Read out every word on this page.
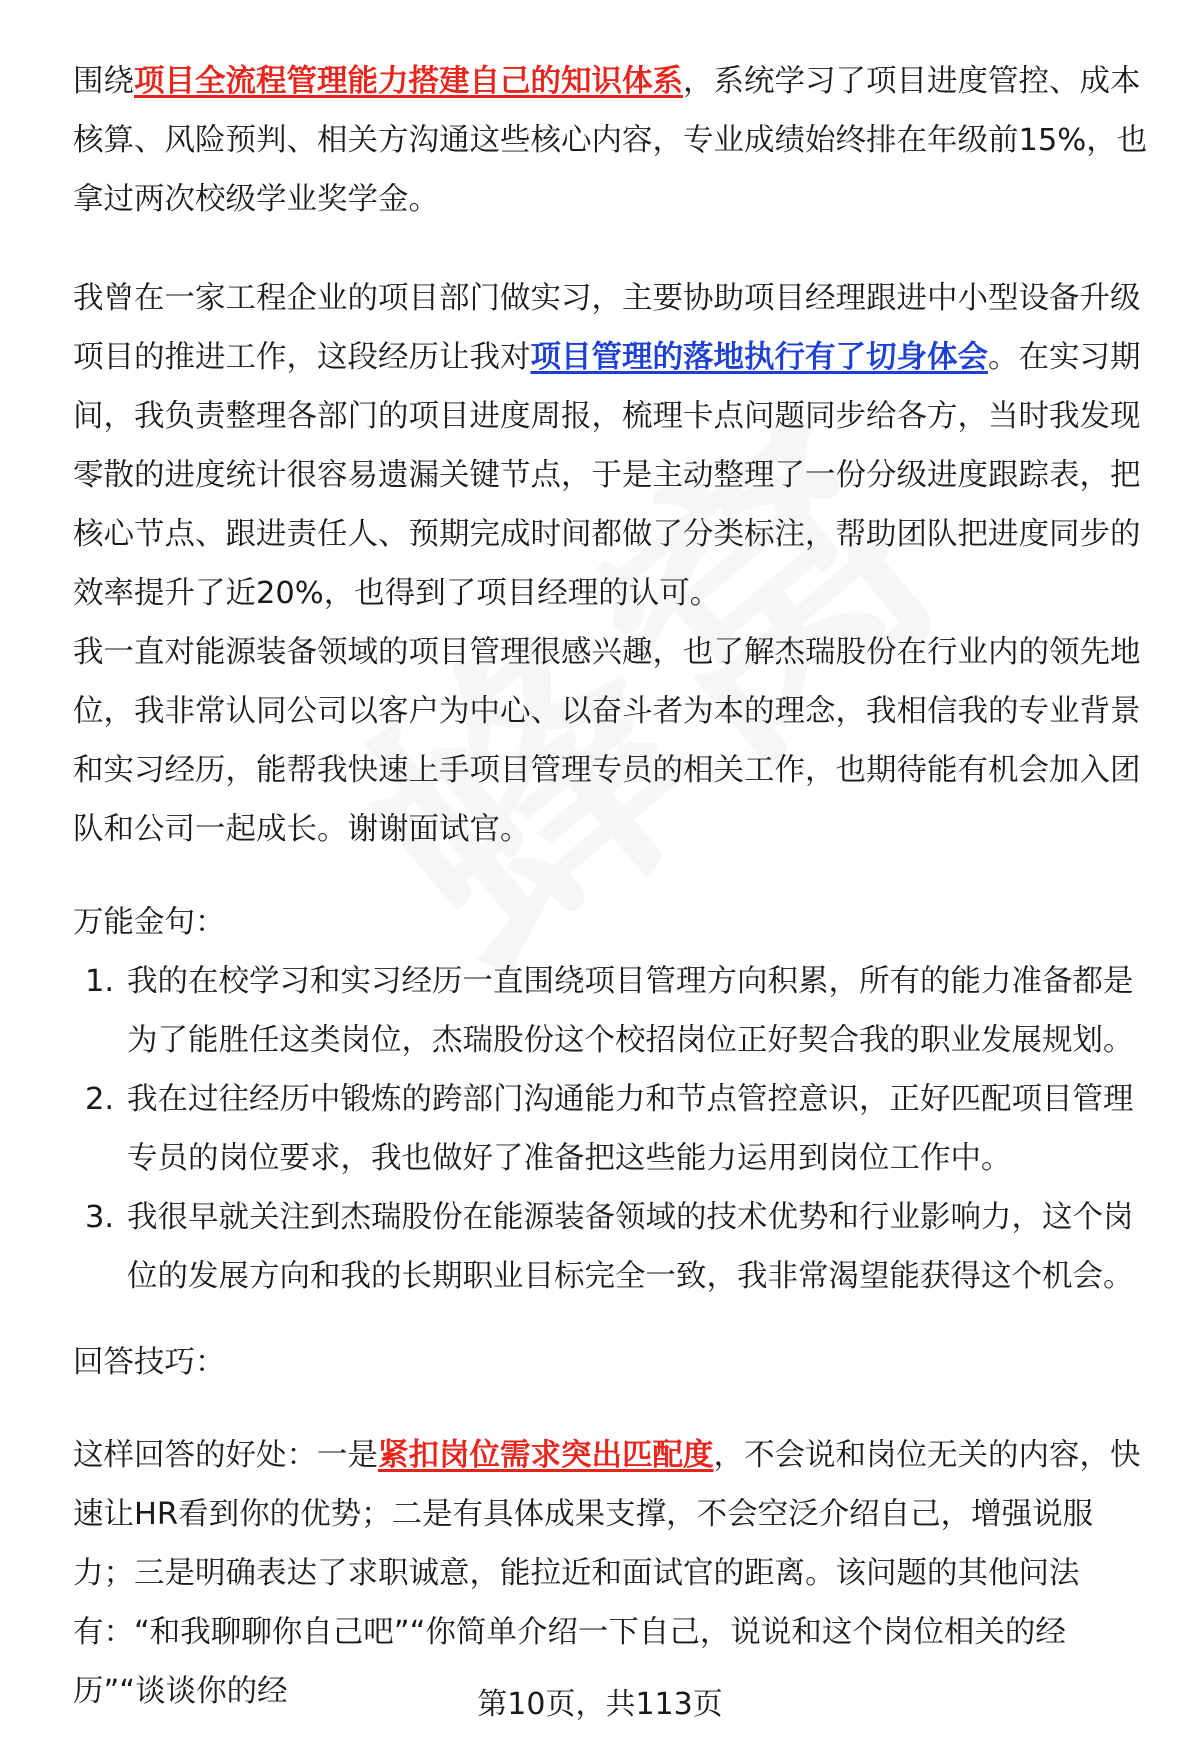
围绕项目全流程管理能力搭建自己的知识体系，系统学习了项目进度管控、成本核算、风险预判、相关方沟通这些核心内容，专业成绩始终排在年级前15%，也拿过两次校级学业奖学金。

我曾在一家工程企业的项目部门做实习，主要协助项目经理跟进中小型设备升级项目的推进工作，这段经历让我对项目管理的落地执行有了切身体会。在实习期间，我负责整理各部门的项目进度周报，梳理卡点问题同步给各方，当时我发现零散的进度统计很容易遗漏关键节点，于是主动整理了一份分级进度跟踪表，把核心节点、跟进责任人、预期完成时间都做了分类标注，帮助团队把进度同步的效率提升了近20%，也得到了项目经理的认可。

我一直对能源装备领域的项目管理很感兴趣，也了解杰瑞股份在行业内的领先地位，我非常认同公司以客户为中心、以奋斗者为本的理念，我相信我的专业背景和实习经历，能帮我快速上手项目管理专员的相关工作，也期待能有机会加入团队和公司一起成长。谢谢面试官。

万能金句：

1. 我的在校学习和实习经历一直围绕项目管理方向积累，所有的能力准备都是为了能胜任这类岗位，杰瑞股份这个校招岗位正好契合我的职业发展规划。
2. 我在过往经历中锻炼的跨部门沟通能力和节点管控意识，正好匹配项目管理专员的岗位要求，我也做好了准备把这些能力运用到岗位工作中。
3. 我很早就关注到杰瑞股份在能源装备领域的技术优势和行业影响力，这个岗位的发展方向和我的长期职业目标完全一致，我非常渴望能获得这个机会。

回答技巧：

这样回答的好处：一是紧扣岗位需求突出匹配度，不会说和岗位无关的内容，快速让HR看到你的优势；二是有具体成果支撑，不会空泛介绍自己，增强说服力；三是明确表达了求职诚意，能拉近和面试官的距离。该问题的其他问法有：“和我聊聊你自己吧”“你简单介绍一下自己，说说和这个岗位相关的经历”“谈谈你的经	第10页，共113页
